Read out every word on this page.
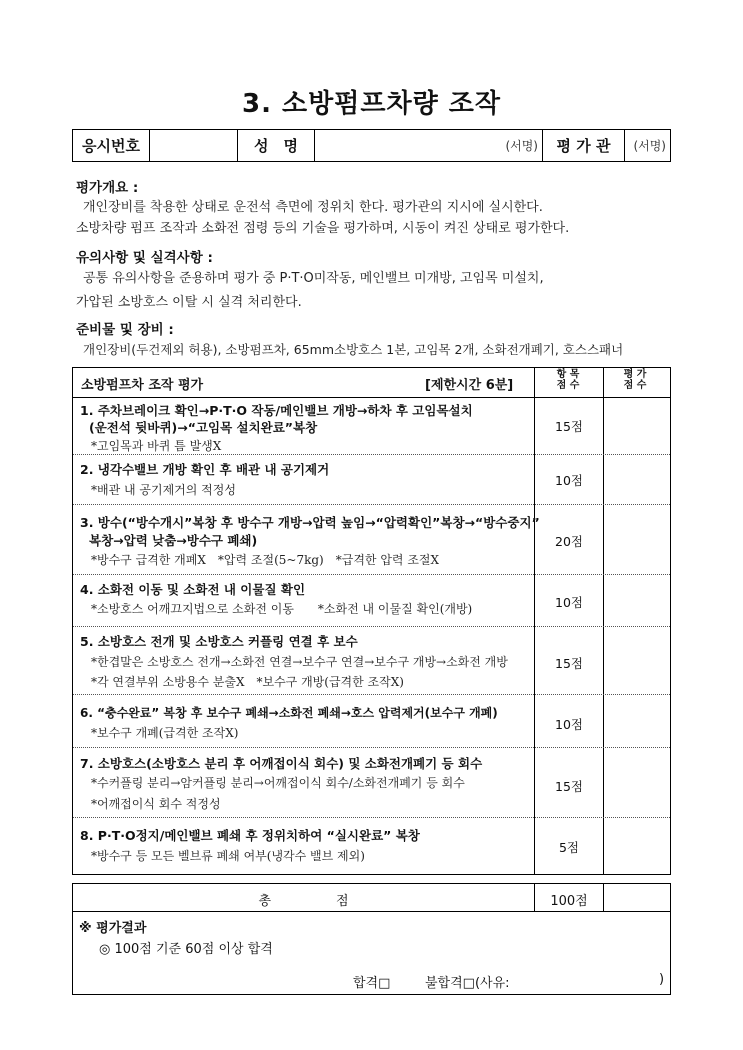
3. 소방펌프차량 조작
응시번호	성　명	(서명)	평 가 관	(서명)
평가개요 :
개인장비를 착용한 상태로 운전석 측면에 정위치 한다. 평가관의 지시에 실시한다.
소방차량 펌프 조작과 소화전 점령 등의 기술을 평가하며, 시동이 켜진 상태로 평가한다.
유의사항 및 실격사항 :
공통 유의사항을 준용하며 평가 중 P·T·O미작동, 메인밸브 미개방, 고임목 미설치,
가압된 소방호스 이탈 시 실격 처리한다.
준비물 및 장비 :
개인장비(두건제외 허용), 소방펌프차, 65mm소방호스 1본, 고임목 2개, 소화전개폐기, 호스스패너
소방펌프차 조작 평가	[제한시간 6분]
항 목
점 수
평 가
점 수
1. 주차브레이크 확인→P·T·O 작동/메인밸브 개방→하차 후 고임목설치
(운전석 뒷바퀴)→“고임목 설치완료”복창
*고임목과 바퀴 틈 발생X
15점
2. 냉각수밸브 개방 확인 후 배관 내 공기제거
*배관 내 공기제거의 적정성
10점
3. 방수(“방수개시”복창 후 방수구 개방→압력 높임→“압력확인”복창→“방수중지”
복창→압력 낮춤→방수구 폐쇄)
*방수구 급격한 개폐X　*압력 조절(5~7kg)　*급격한 압력 조절X
20점
4. 소화전 이동 및 소화전 내 이물질 확인
*소방호스 어깨끄지법으로 소화전 이동　　*소화전 내 이물질 확인(개방)	10점
5. 소방호스 전개 및 소방호스 커플링 연결 후 보수
*한겹말은 소방호스 전개→소화전 연결→보수구 연결→보수구 개방→소화전 개방
*각 연결부위 소방용수 분출X　*보수구 개방(급격한 조작X)
15점
6. “충수완료” 복창 후 보수구 폐쇄→소화전 폐쇄→호스 압력제거(보수구 개폐)
*보수구 개폐(급격한 조작X)
10점
7. 소방호스(소방호스 분리 후 어깨접이식 회수) 및 소화전개폐기 등 회수
*수커플링 분리→암커플링 분리→어깨접이식 회수/소화전개폐기 등 회수
*어깨접이식 회수 적정성
15점
8. P·T·O정지/메인밸브 폐쇄 후 정위치하여 “실시완료” 복창
*방수구 등 모든 벨브류 폐쇄 여부(냉각수 밸브 제외)
5점
총　　　　　점	100점
※ 평가결과
◎ 100점 기준 60점 이상 합격
합격□	불합격□(사유:	)
